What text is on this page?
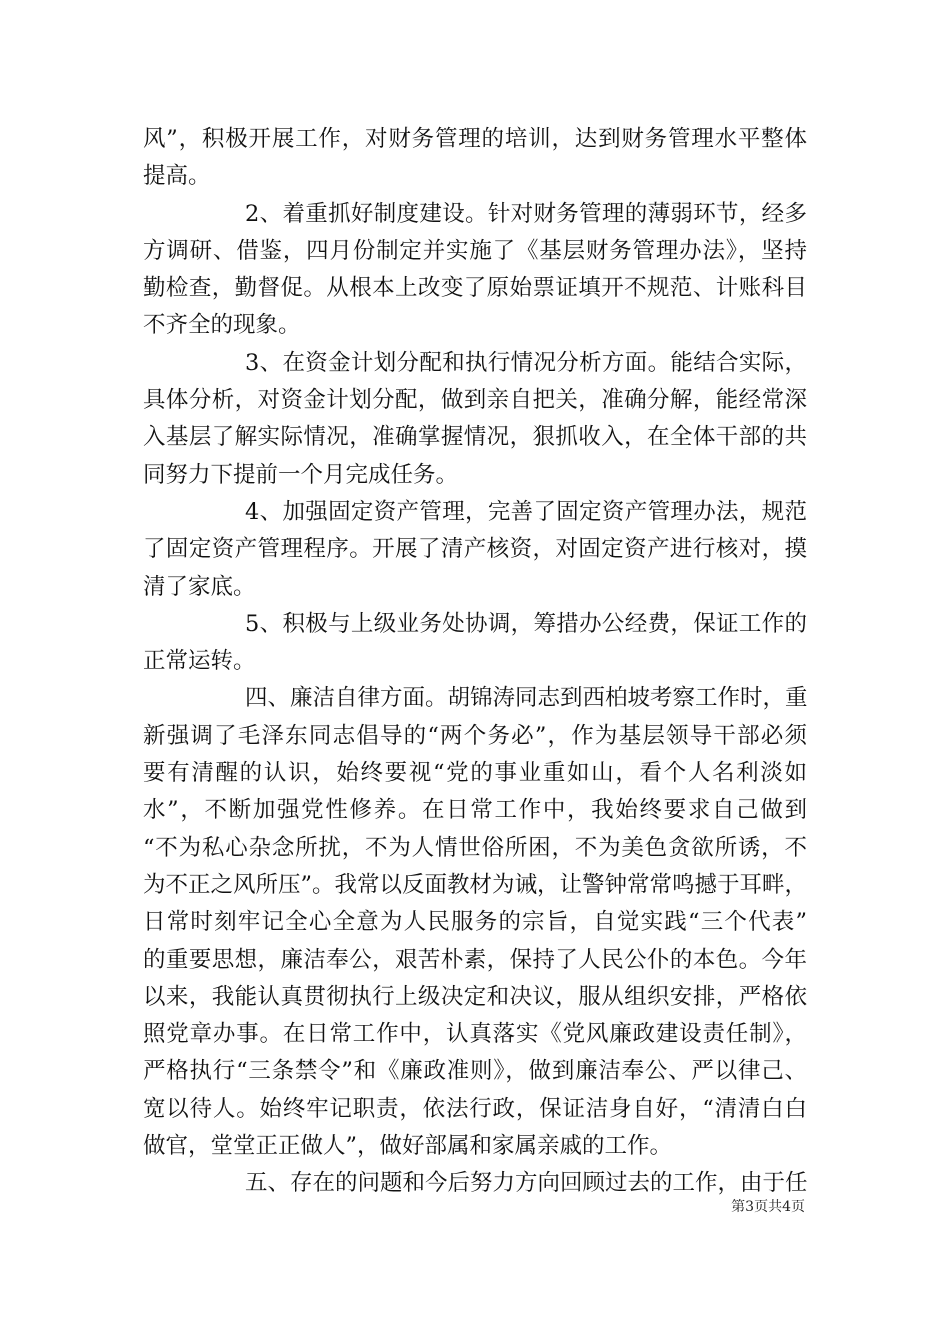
风”，积极开展工作，对财务管理的培训，达到财务管理水平整体
提高。
2、着重抓好制度建设。针对财务管理的薄弱环节，经多
方调研、借鉴，四月份制定并实施了《基层财务管理办法》，坚持
勤检查，勤督促。从根本上改变了原始票证填开不规范、计账科目
不齐全的现象。
3、在资金计划分配和执行情况分析方面。能结合实际，
具体分析，对资金计划分配，做到亲自把关，准确分解，能经常深
入基层了解实际情况，准确掌握情况，狠抓收入，在全体干部的共
同努力下提前一个月完成任务。
4、加强固定资产管理，完善了固定资产管理办法，规范
了固定资产管理程序。开展了清产核资，对固定资产进行核对，摸
清了家底。
5、积极与上级业务处协调，筹措办公经费，保证工作的
正常运转。
四、廉洁自律方面。胡锦涛同志到西柏坡考察工作时，重
新强调了毛泽东同志倡导的“两个务必”，作为基层领导干部必须
要有清醒的认识，始终要视“党的事业重如山，看个人名利淡如
水”，不断加强党性修养。在日常工作中，我始终要求自己做到
“不为私心杂念所扰，不为人情世俗所困，不为美色贪欲所诱，不
为不正之风所压”。我常以反面教材为诫，让警钟常常鸣撼于耳畔，
日常时刻牢记全心全意为人民服务的宗旨，自觉实践“三个代表”
的重要思想，廉洁奉公，艰苦朴素，保持了人民公仆的本色。今年
以来，我能认真贯彻执行上级决定和决议，服从组织安排，严格依
照党章办事。在日常工作中，认真落实《党风廉政建设责任制》，
严格执行“三条禁令”和《廉政准则》，做到廉洁奉公、严以律己、
宽以待人。始终牢记职责，依法行政，保证洁身自好，“清清白白
做官，堂堂正正做人”，做好部属和家属亲戚的工作。
五、存在的问题和今后努力方向回顾过去的工作，由于任
第3页共4页
